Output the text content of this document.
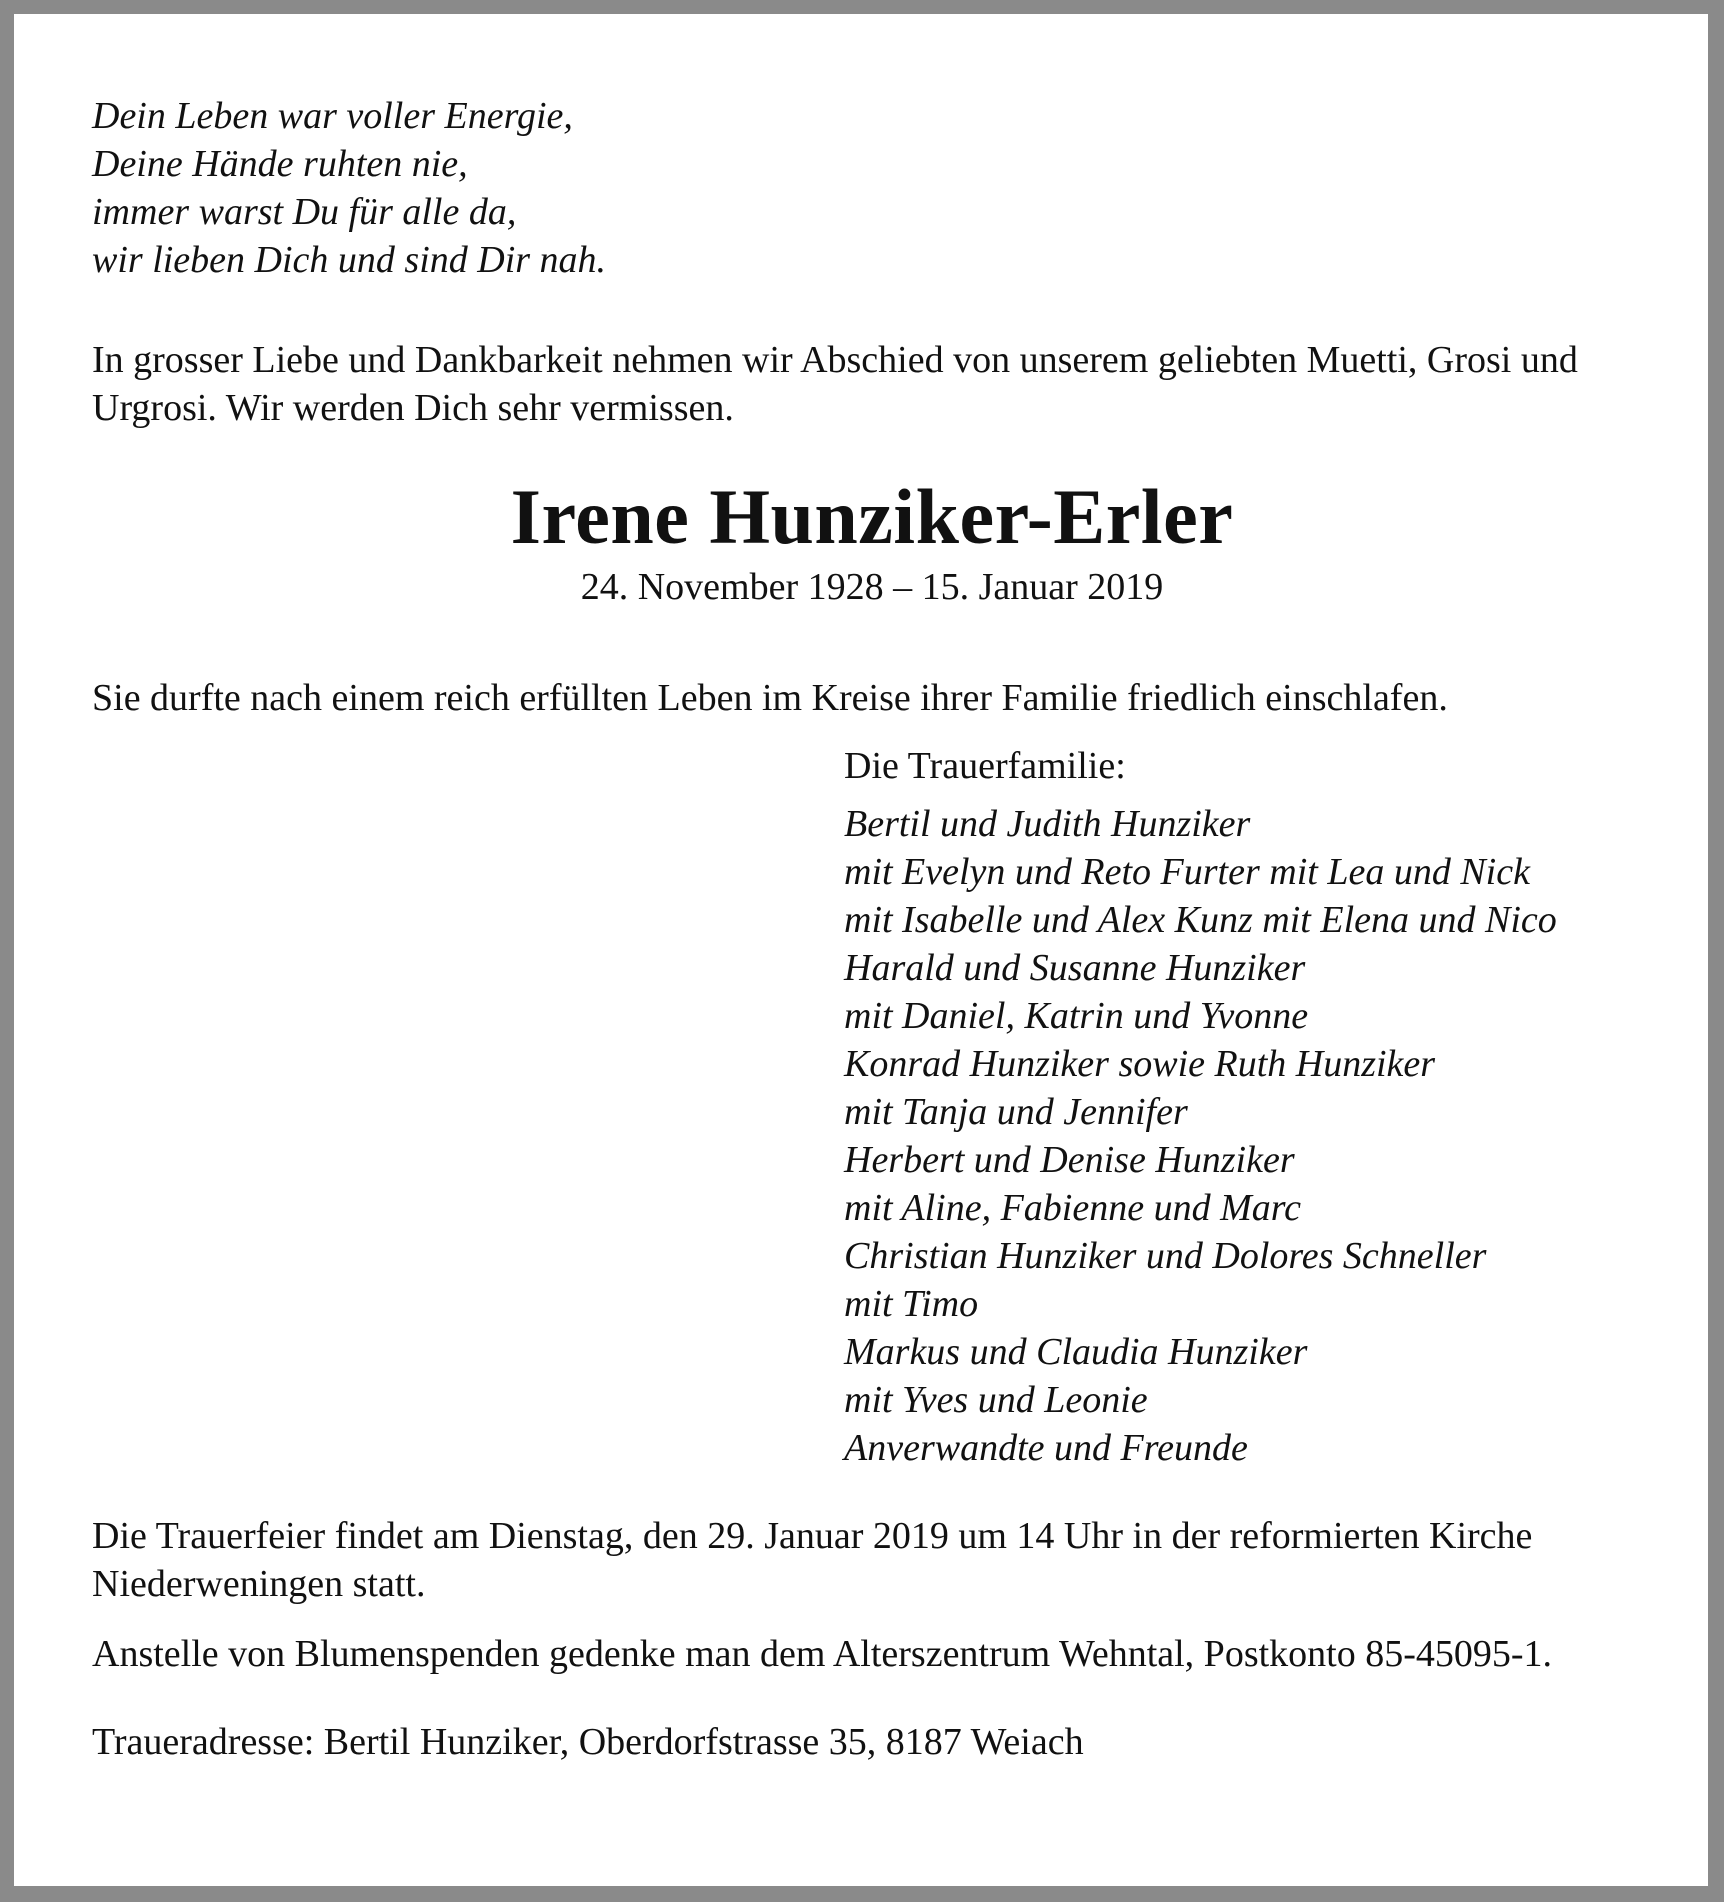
Dein Leben war voller Energie,
Deine Hände ruhten nie,
immer warst Du für alle da,
wir lieben Dich und sind Dir nah.

In grosser Liebe und Dankbarkeit nehmen wir Abschied von unserem geliebten Muetti, Grosi und Urgrosi. Wir werden Dich sehr vermissen.

Irene Hunziker-Erler
24. November 1928 – 15. Januar 2019

Sie durfte nach einem reich erfüllten Leben im Kreise ihrer Familie friedlich einschlafen.

Die Trauerfamilie:
Bertil und Judith Hunziker
mit Evelyn und Reto Furter mit Lea und Nick
mit Isabelle und Alex Kunz mit Elena und Nico
Harald und Susanne Hunziker
mit Daniel, Katrin und Yvonne
Konrad Hunziker sowie Ruth Hunziker
mit Tanja und Jennifer
Herbert und Denise Hunziker
mit Aline, Fabienne und Marc
Christian Hunziker und Dolores Schneller
mit Timo
Markus und Claudia Hunziker
mit Yves und Leonie
Anverwandte und Freunde

Die Trauerfeier findet am Dienstag, den 29. Januar 2019 um 14 Uhr in der reformierten Kirche Niederweningen statt.

Anstelle von Blumenspenden gedenke man dem Alterszentrum Wehntal, Postkonto 85-45095-1.

Traueradresse: Bertil Hunziker, Oberdorfstrasse 35, 8187 Weiach
